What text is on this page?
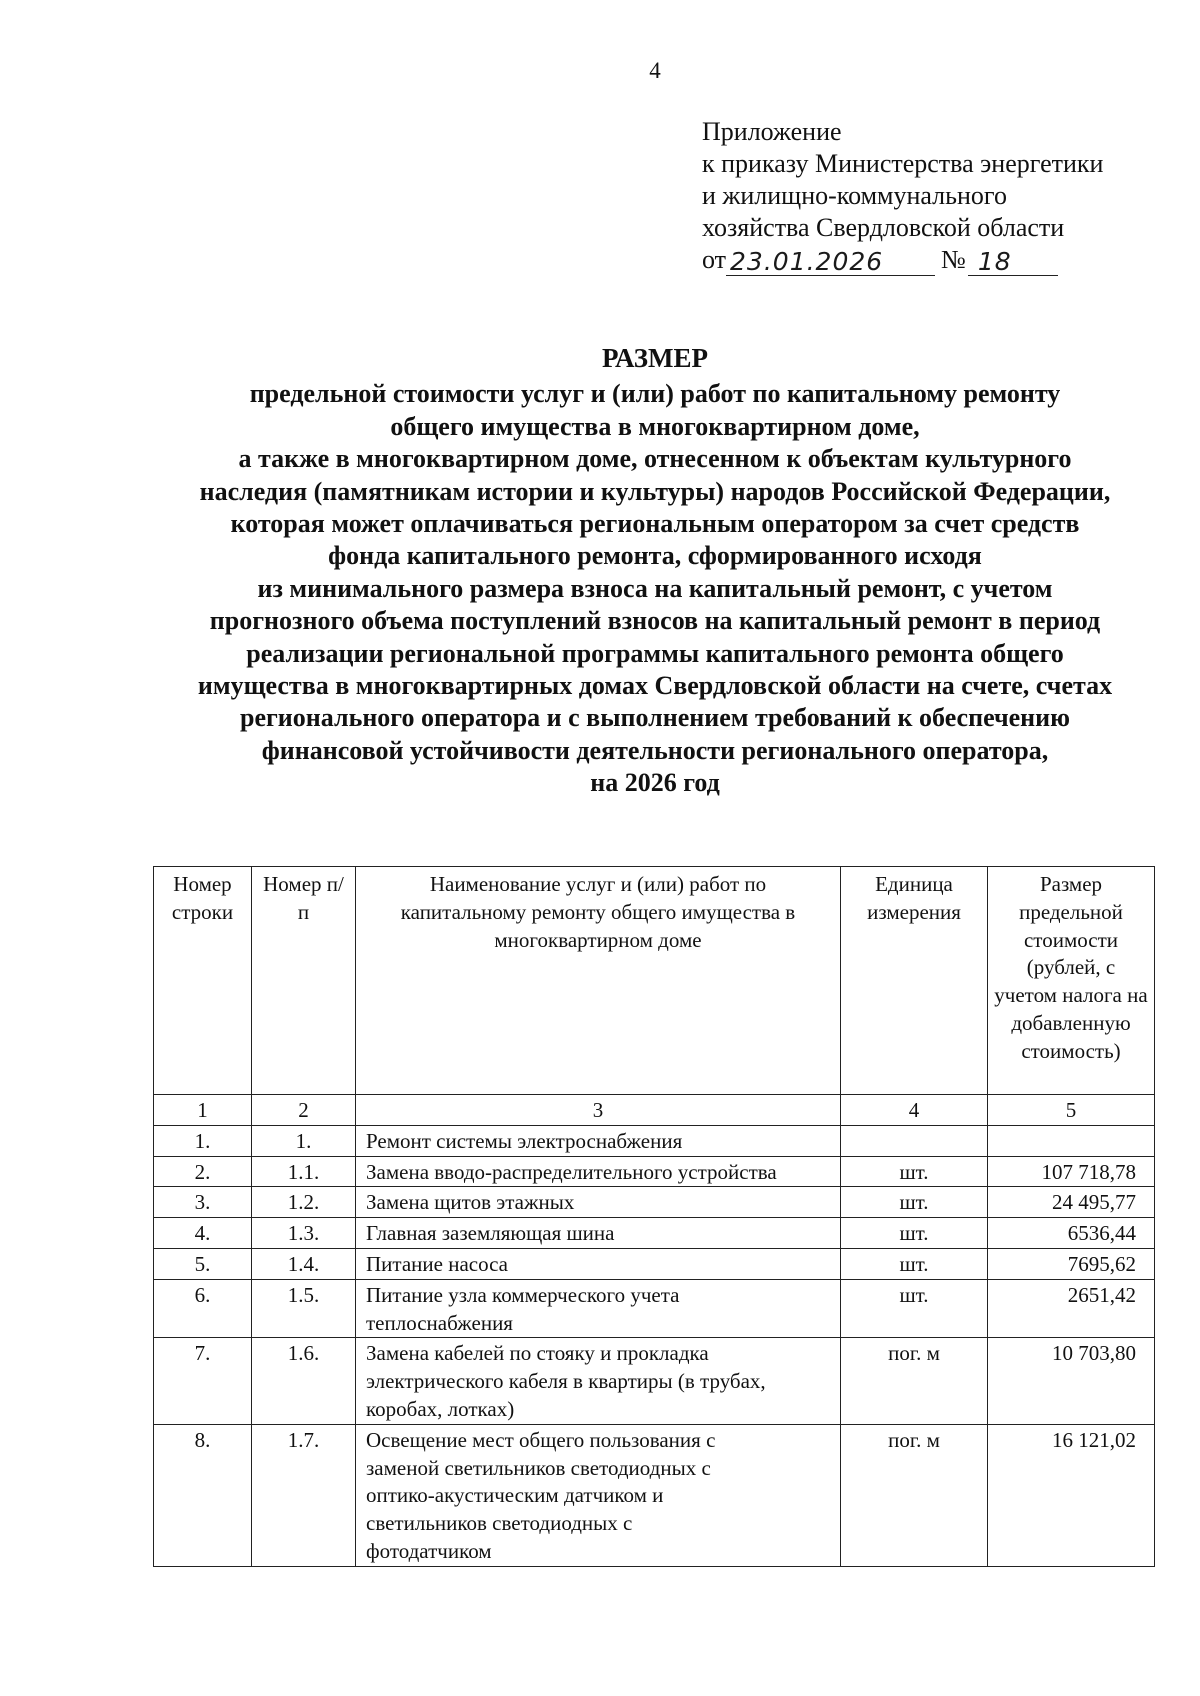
4
Приложение
к приказу Министерства энергетики
и жилищно-коммунального
хозяйства Свердловской области
от 23.01.2026	№ 18
РАЗМЕР
предельной стоимости услуг и (или) работ по капитальному ремонту
общего имущества в многоквартирном доме,
а также в многоквартирном доме, отнесенном к объектам культурного
наследия (памятникам истории и культуры) народов Российской Федерации,
которая может оплачиваться региональным оператором за счет средств
фонда капитального ремонта, сформированного исходя
из минимального размера взноса на капитальный ремонт, с учетом
прогнозного объема поступлений взносов на капитальный ремонт в период
реализации региональной программы капитального ремонта общего
имущества в многоквартирных домах Свердловской области на счете, счетах
регионального оператора и с выполнением требований к обеспечению
финансовой устойчивости деятельности регионального оператора,
на 2026 год
Номер строки	Номер п/п	Наименование услуг и (или) работ по капитальному ремонту общего имущества в многоквартирном доме	Единица измерения	Размер предельной стоимости (рублей, с учетом налога на добавленную стоимость)
1	2	3	4	5
1.	1.	Ремонт системы электроснабжения		
2.	1.1.	Замена вводо-распределительного устройства	шт.	107 718,78
3.	1.2.	Замена щитов этажных	шт.	24 495,77
4.	1.3.	Главная заземляющая шина	шт.	6536,44
5.	1.4.	Питание насоса	шт.	7695,62
6.	1.5.	Питание узла коммерческого учета теплоснабжения	шт.	2651,42
7.	1.6.	Замена кабелей по стояку и прокладка электрического кабеля в квартиры (в трубах, коробах, лотках)	пог. м	10 703,80
8.	1.7.	Освещение мест общего пользования с заменой светильников светодиодных с оптико-акустическим датчиком и светильников светодиодных с фотодатчиком	пог. м	16 121,02
